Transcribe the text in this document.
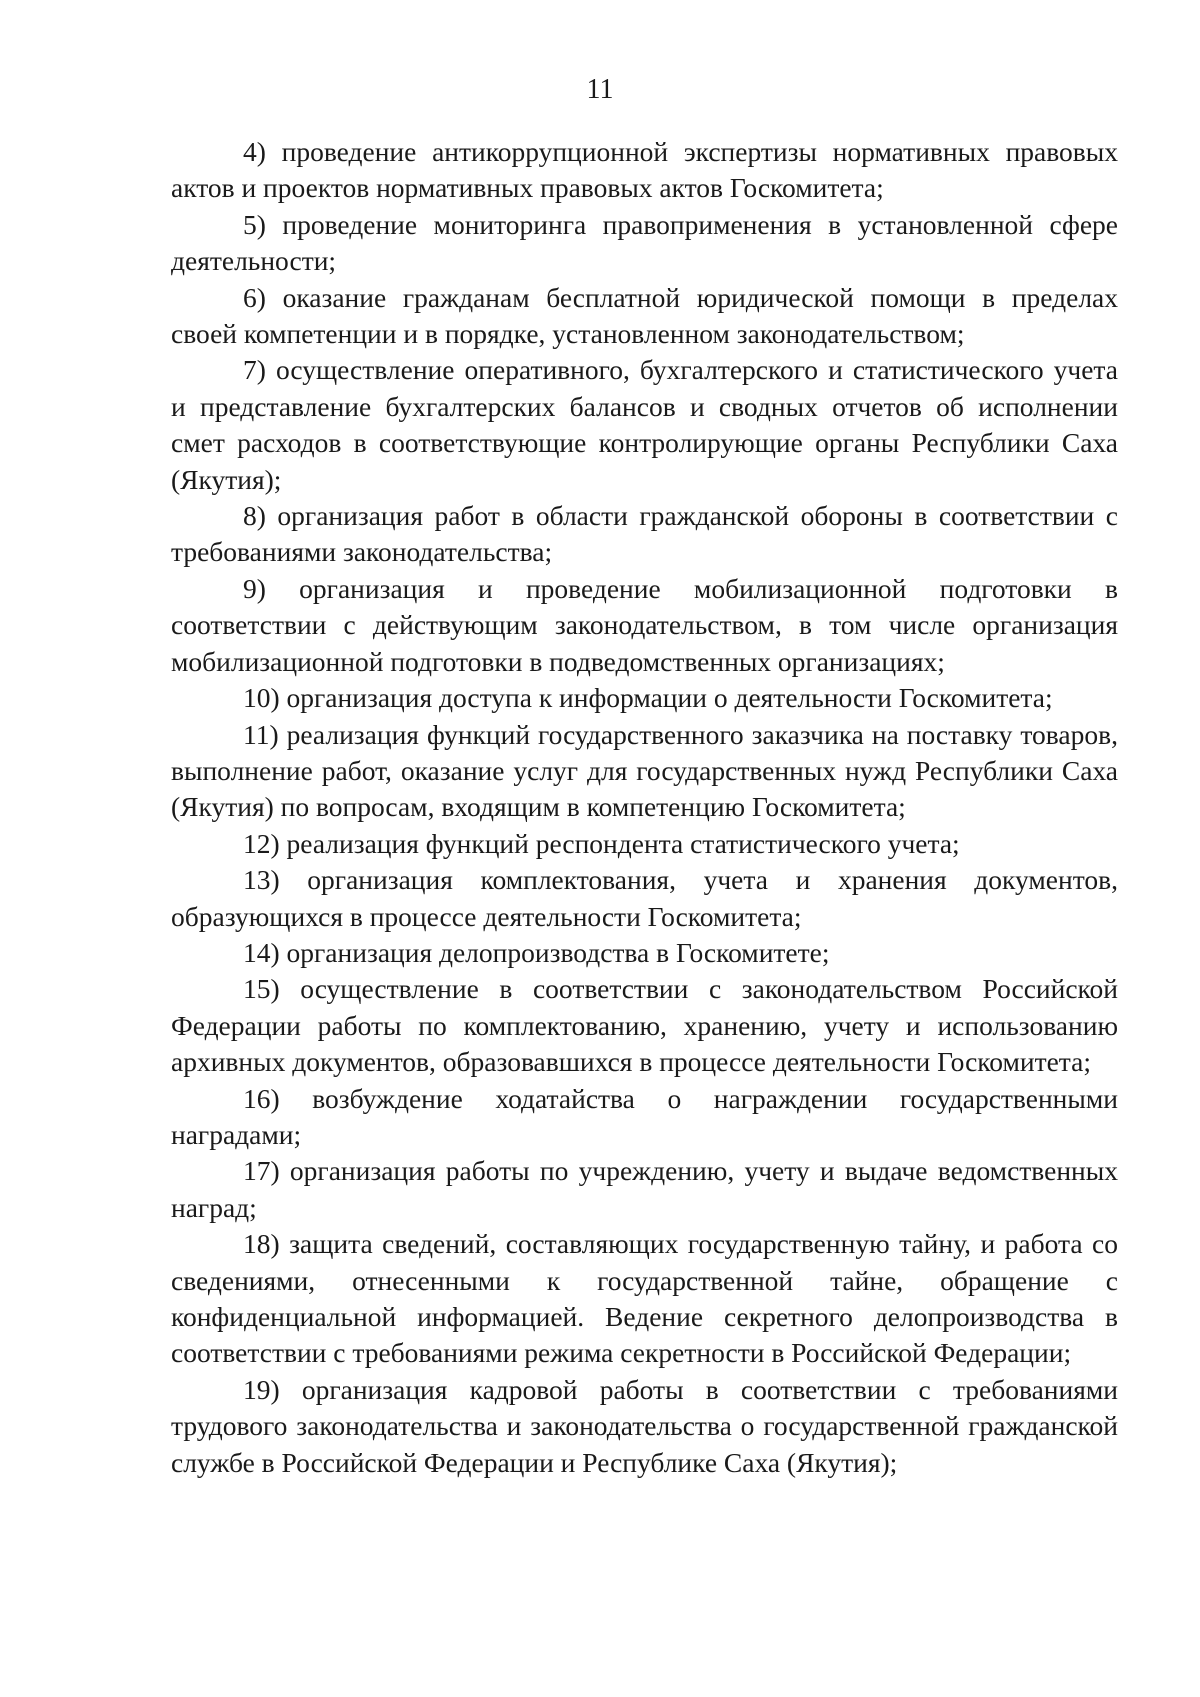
11

4) проведение антикоррупционной экспертизы нормативных правовых актов и проектов нормативных правовых актов Госкомитета;

5) проведение мониторинга правоприменения в установленной сфере деятельности;

6) оказание гражданам бесплатной юридической помощи в пределах своей компетенции и в порядке, установленном законодательством;

7) осуществление оперативного, бухгалтерского и статистического учета и представление бухгалтерских балансов и сводных отчетов об исполнении смет расходов в соответствующие контролирующие органы Республики Саха (Якутия);

8) организация работ в области гражданской обороны в соответствии с требованиями законодательства;

9) организация и проведение мобилизационной подготовки в соответствии с действующим законодательством, в том числе организация мобилизационной подготовки в подведомственных организациях;

10) организация доступа к информации о деятельности Госкомитета;

11) реализация функций государственного заказчика на поставку товаров, выполнение работ, оказание услуг для государственных нужд Республики Саха (Якутия) по вопросам, входящим в компетенцию Госкомитета;

12) реализация функций респондента статистического учета;

13) организация комплектования, учета и хранения документов, образующихся в процессе деятельности Госкомитета;

14) организация делопроизводства в Госкомитете;

15) осуществление в соответствии с законодательством Российской Федерации работы по комплектованию, хранению, учету и использованию архивных документов, образовавшихся в процессе деятельности Госкомитета;

16) возбуждение ходатайства о награждении государственными наградами;

17) организация работы по учреждению, учету и выдаче ведомственных наград;

18) защита сведений, составляющих государственную тайну, и работа со сведениями, отнесенными к государственной тайне, обращение с конфиденциальной информацией. Ведение секретного делопроизводства в соответствии с требованиями режима секретности в Российской Федерации;

19) организация кадровой работы в соответствии с требованиями трудового законодательства и законодательства о государственной гражданской службе в Российской Федерации и Республике Саха (Якутия);
